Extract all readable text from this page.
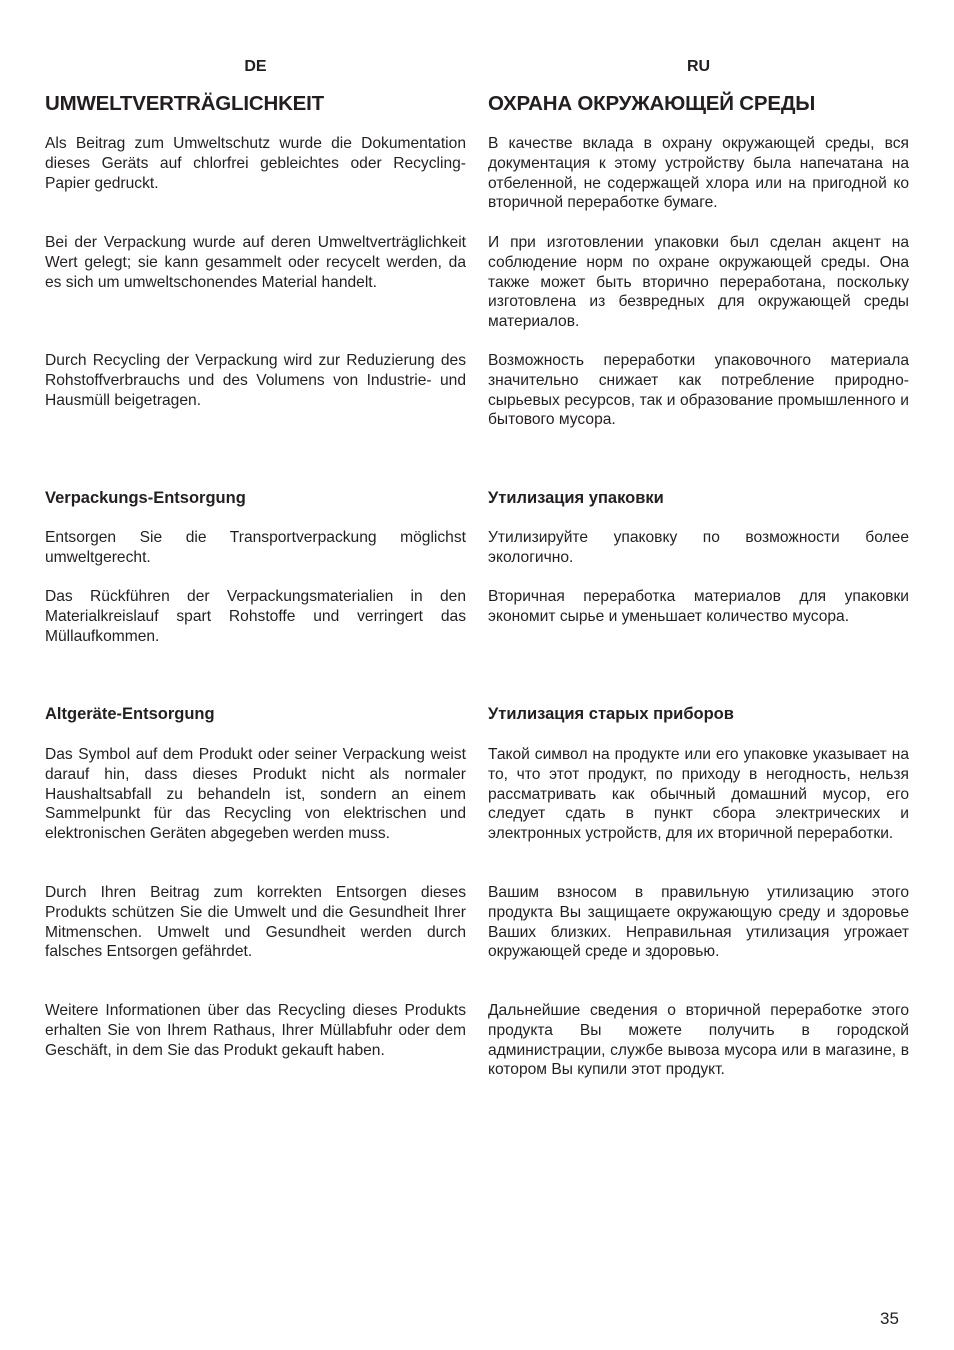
DE
UMWELTVERTRÄGLICHKEIT

Als Beitrag zum Umweltschutz wurde die Dokumentation dieses Geräts auf chlorfrei gebleichtes oder Recycling-Papier gedruckt.

Bei der Verpackung wurde auf deren Umweltverträglichkeit Wert gelegt; sie kann gesammelt oder recycelt werden, da es sich um umweltschonendes Material handelt.

Durch Recycling der Verpackung wird zur Reduzierung des Rohstoffverbrauchs und des Volumens von Industrie- und Hausmüll beigetragen.

Verpackungs-Entsorgung

Entsorgen Sie die Transportverpackung möglichst umweltgerecht.

Das Rückführen der Verpackungsmaterialien in den Materialkreislauf spart Rohstoffe und verringert das Müllaufkommen.

Altgeräte-Entsorgung

Das Symbol auf dem Produkt oder seiner Verpackung weist darauf hin, dass dieses Produkt nicht als normaler Haushaltsabfall zu behandeln ist, sondern an einem Sammelpunkt für das Recycling von elektrischen und elektronischen Geräten abgegeben werden muss.

Durch Ihren Beitrag zum korrekten Entsorgen dieses Produkts schützen Sie die Umwelt und die Gesundheit Ihrer Mitmenschen. Umwelt und Gesundheit werden durch falsches Entsorgen gefährdet.

Weitere Informationen über das Recycling dieses Produkts erhalten Sie von Ihrem Rathaus, Ihrer Müllabfuhr oder dem Geschäft, in dem Sie das Produkt gekauft haben.

RU
ОХРАНА ОКРУЖАЮЩЕЙ СРЕДЫ

В качестве вклада в охрану окружающей среды, вся документация к этому устройству была напечатана на отбеленной, не содержащей хлора или на пригодной ко вторичной переработке бумаге.

И при изготовлении упаковки был сделан акцент на соблюдение норм по охране окружающей среды. Она также может быть вторично переработана, поскольку изготовлена из безвредных для окружающей среды материалов.

Возможность переработки упаковочного материала значительно снижает как потребление природно-сырьевых ресурсов, так и образование промышленного и бытового мусора.

Утилизация упаковки

Утилизируйте упаковку по возможности более экологично.

Вторичная переработка материалов для упаковки экономит сырье и уменьшает количество мусора.

Утилизация старых приборов

Такой символ на продукте или его упаковке указывает на то, что этот продукт, по приходу в негодность, нельзя рассматривать как обычный домашний мусор, его следует сдать в пункт сбора электрических и электронных устройств, для их вторичной переработки.

Вашим взносом в правильную утилизацию этого продукта Вы защищаете окружающую среду и здоровье Ваших близких. Неправильная утилизация угрожает окружающей среде и здоровью.

Дальнейшие сведения о вторичной переработке этого продукта Вы можете получить в городской администрации, службе вывоза мусора или в магазине, в котором Вы купили этот продукт.

35
